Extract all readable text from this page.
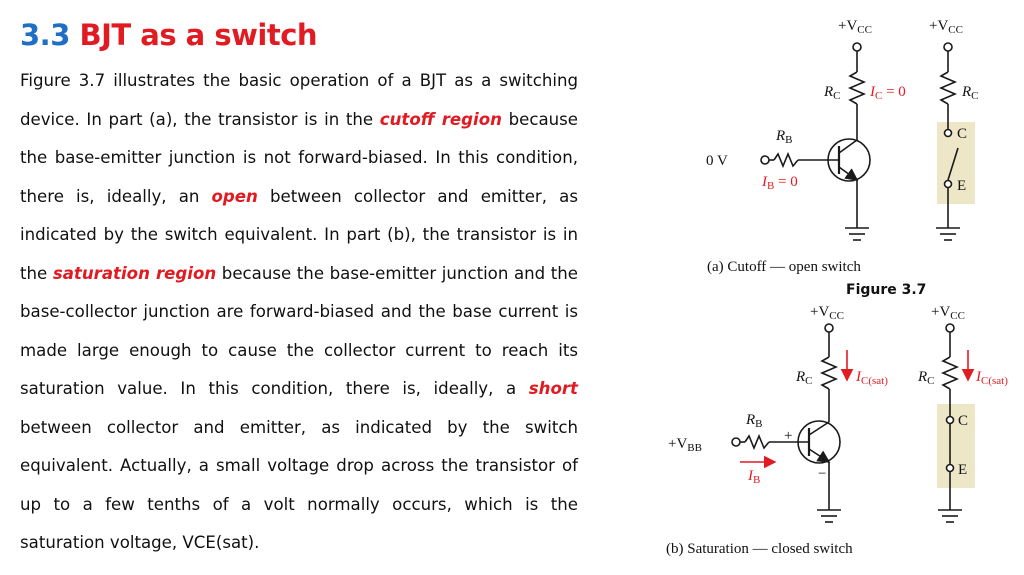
3.3 BJT as a switch

Figure 3.7 illustrates the basic operation of a BJT as a switching device. In part (a), the transistor is in the cutoff region because the base-emitter junction is not forward-biased. In this condition, there is, ideally, an open between collector and emitter, as indicated by the switch equivalent. In part (b), the transistor is in the saturation region because the base-emitter junction and the base-collector junction are forward-biased and the base current is made large enough to cause the collector current to reach its saturation value. In this condition, there is, ideally, a short between collector and emitter, as indicated by the switch equivalent. Actually, a small voltage drop across the transistor of up to a few tenths of a volt normally occurs, which is the saturation voltage, VCE(sat).

$+V_{CC}$	$+V_{CC}$
$R_C$ $I_C = 0$	$R_C$
$R_B$
0 V
$I_B = 0$
C
E
(a) Cutoff — open switch
$+V_{CC}$	$+V_{CC}$
$R_C$	$I_{C(sat)}$ $R_C$	$I_{C(sat)}$
$R_B$
$+V_{BB}$
+
−
$I_B$
C
E
(b) Saturation — closed switch

Figure 3.7
